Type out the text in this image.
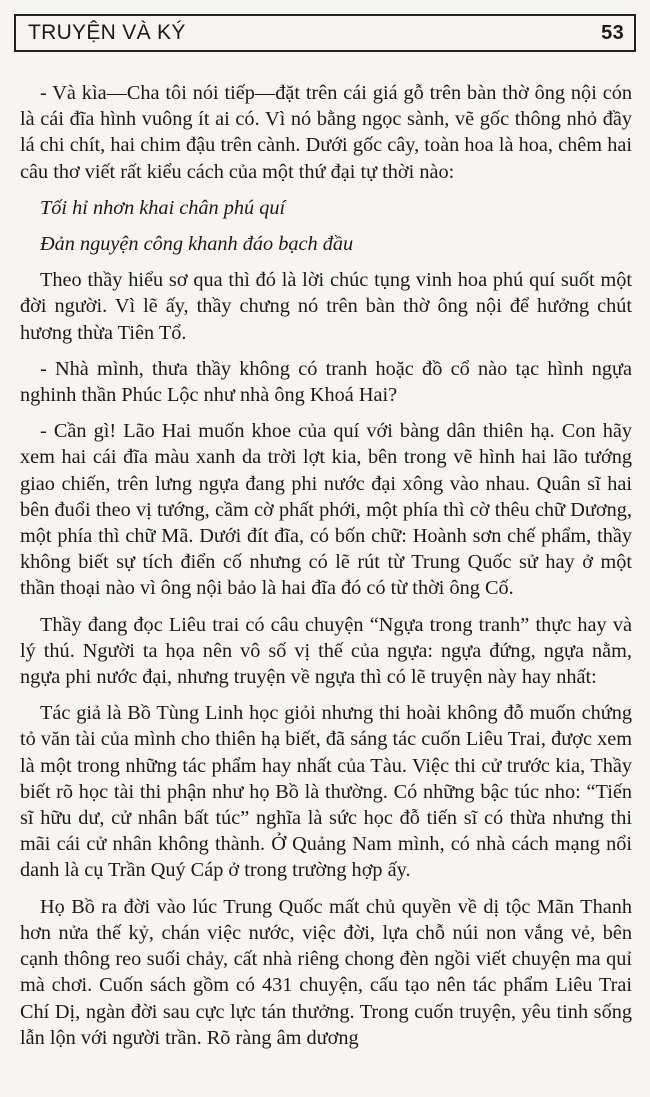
TRUYỆN VÀ KÝ	53

- Và kìa—Cha tôi nói tiếp—đặt trên cái giá gỗ trên bàn thờ ông nội cón là cái đĩa hình vuông ít ai có. Vì nó bằng ngọc sành, vẽ gốc thông nhỏ đầy lá chi chít, hai chim đậu trên cành. Dưới gốc cây, toàn hoa là hoa, chêm hai câu thơ viết rất kiểu cách của một thứ đại tự thời nào:

Tối hỉ nhơn khai chân phú quí

Đản nguyện công khanh đáo bạch đầu

Theo thầy hiểu sơ qua thì đó là lời chúc tụng vinh hoa phú quí suốt một đời người. Vì lẽ ấy, thầy chưng nó trên bàn thờ ông nội để hưởng chút hương thừa Tiên Tổ.

- Nhà mình, thưa thầy không có tranh hoặc đồ cổ nào tạc hình ngựa nghinh thần Phúc Lộc như nhà ông Khoá Hai?

- Cần gì! Lão Hai muốn khoe của quí với bàng dân thiên hạ. Con hãy xem hai cái đĩa màu xanh da trời lợt kia, bên trong vẽ hình hai lão tướng giao chiến, trên lưng ngựa đang phi nước đại xông vào nhau. Quân sĩ hai bên đuổi theo vị tướng, cầm cờ phất phới, một phía thì cờ thêu chữ Dương, một phía thì chữ Mã. Dưới đít đĩa, có bốn chữ: Hoành sơn chế phẩm, thầy không biết sự tích điển cố nhưng có lẽ rút từ Trung Quốc sử hay ở một thần thoại nào vì ông nội bảo là hai đĩa đó có từ thời ông Cố.

Thầy đang đọc Liêu trai có câu chuyện “Ngựa trong tranh” thực hay và lý thú. Người ta họa nên vô số vị thế của ngựa: ngựa đứng, ngựa nằm, ngựa phi nước đại, nhưng truyện về ngựa thì có lẽ truyện này hay nhất:

Tác giả là Bồ Tùng Linh học giỏi nhưng thi hoài không đỗ muốn chứng tỏ văn tài của mình cho thiên hạ biết, đã sáng tác cuốn Liêu Trai, được xem là một trong những tác phẩm hay nhất của Tàu. Việc thi cử trước kia, Thầy biết rõ học tài thi phận như họ Bồ là thường. Có những bậc túc nho: “Tiến sĩ hữu dư, cử nhân bất túc” nghĩa là sức học đỗ tiến sĩ có thừa nhưng thi mãi cái cử nhân không thành. Ở Quảng Nam mình, có nhà cách mạng nổi danh là cụ Trần Quý Cáp ở trong trường hợp ấy.

Họ Bồ ra đời vào lúc Trung Quốc mất chủ quyền về dị tộc Mãn Thanh hơn nửa thế kỷ, chán việc nước, việc đời, lựa chỗ núi non vắng vẻ, bên cạnh thông reo suối chảy, cất nhà riêng chong đèn ngồi viết chuyện ma quỉ mà chơi. Cuốn sách gồm có 431 chuyện, cấu tạo nên tác phẩm Liêu Trai Chí Dị, ngàn đời sau cực lực tán thưởng. Trong cuốn truyện, yêu tinh sống lẫn lộn với người trần. Rõ ràng âm dương
